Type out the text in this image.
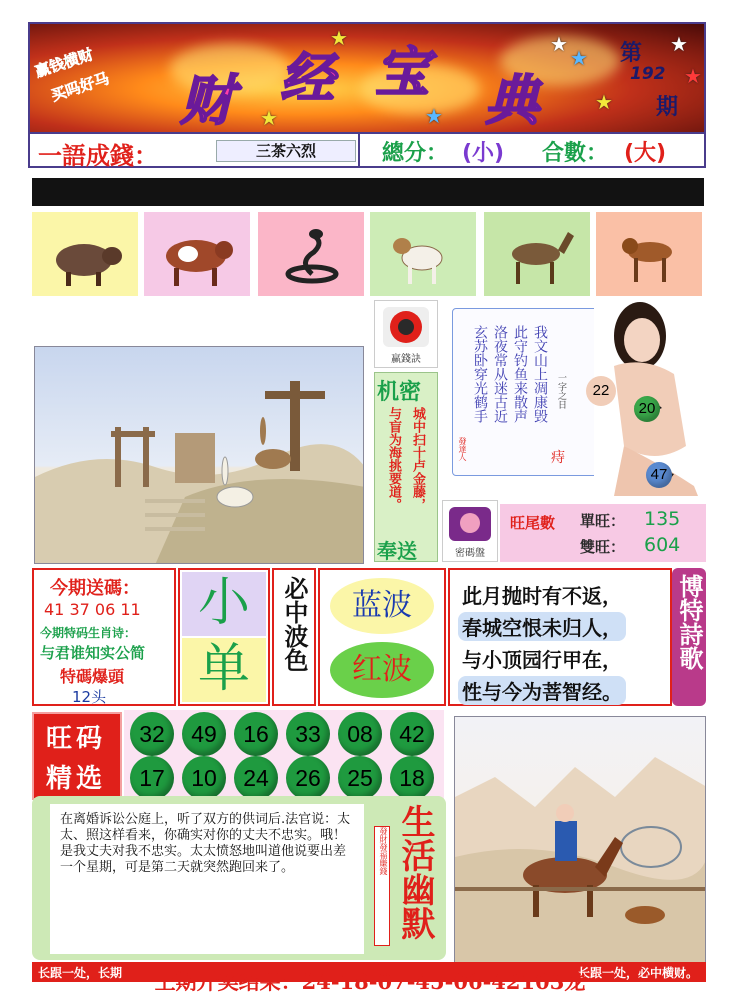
赢钱横财
买吗好马 财 经 宝 典
★
★
★	★
★
★
★
★
第
192
期
一語成錢：	三茶六烈	總分： (小) 合數： (大)
赢錢訣
密碼盤
机密
城中扫十卢金藤，
与盲为海挑要道。
奉送
我文山上凋康毁
此守钓鱼来散声
洛夜常从迷古近
玄苏卧穿光鹤手	一字之日
發達人	痔
22
20
47
旺尾數 單旺： 135
雙旺： 604
今期送碼：
41 37 06 11
今期特码生肖诗：
与君谁知实公简
特碼爆頭
12头
小
单	必中波色	蓝波
红波
此月抛时有不返，
春城空恨未归人，
与小顶园行甲在，
性与今为菩智经。
博特詩歌
旺码
精选
32	49	16	33	08	42
17	10	24	26	25	18
在离婚诉讼公庭上，听了双方的供词后.法官说：太太、照这样看来，你确实对你的丈夫不忠实。哦！是我丈夫对我不忠实。太太愤怒地叫道他说要出差一个星期，可是第二天就突然跑回来了。	發財發福賺錢 生活幽默
长跟一处，长期	长跟一处，必中横财。
上期开奖结果：24-18-07-45-06-42103龙
